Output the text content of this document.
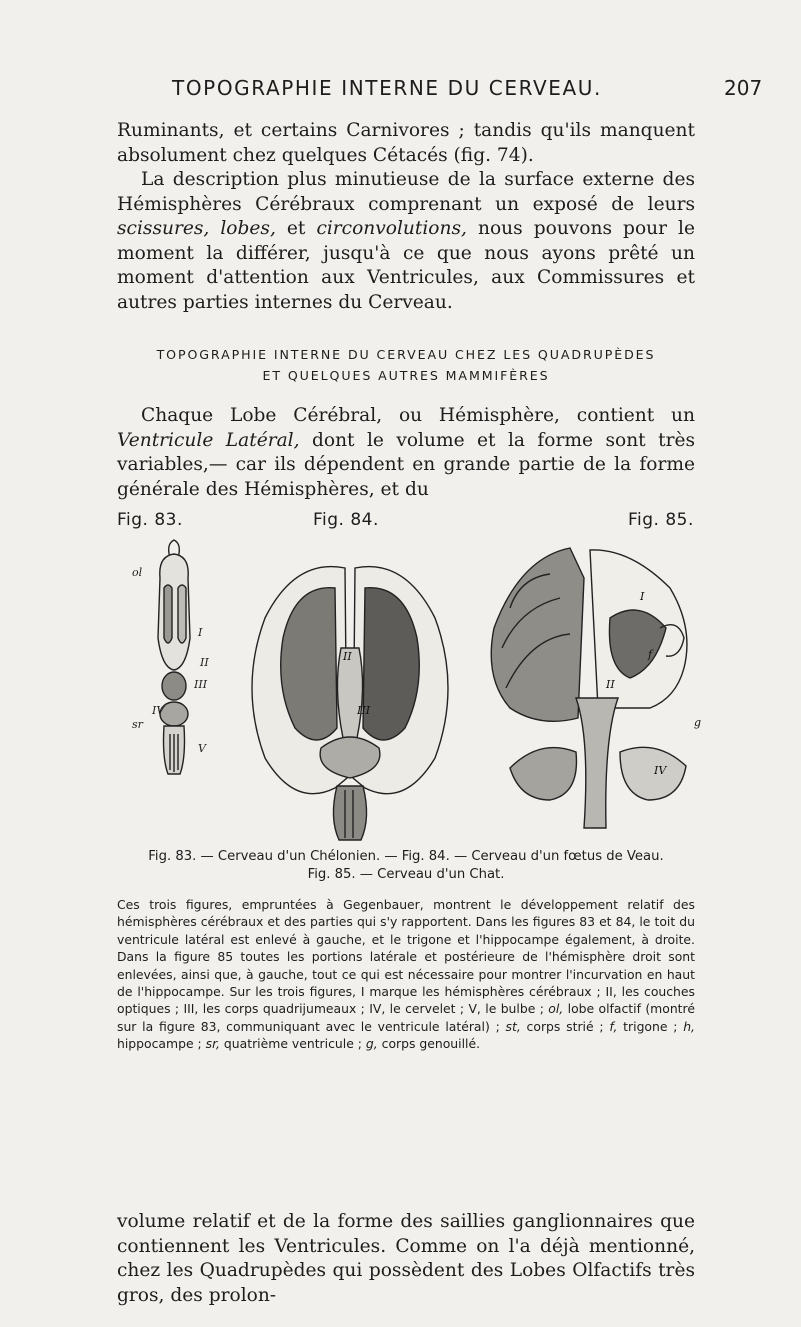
TOPOGRAPHIE INTERNE DU CERVEAU.	207

Ruminants, et certains Carnivores ; tandis qu'ils manquent absolument chez quelques Cétacés (fig. 74).

La description plus minutieuse de la surface externe des Hémisphères Cérébraux comprenant un exposé de leurs scissures, lobes, et circonvolutions, nous pouvons pour le moment la différer, jusqu'à ce que nous ayons prêté un moment d'attention aux Ventricules, aux Commissures et autres parties internes du Cerveau.

TOPOGRAPHIE INTERNE DU CERVEAU CHEZ LES QUADRUPÈDES
ET QUELQUES AUTRES MAMMIFÈRES

Chaque Lobe Cérébral, ou Hémisphère, contient un Ventricule Latéral, dont le volume et la forme sont très variables,— car ils dépendent en grande partie de la forme générale des Hémisphères, et du

Fig. 83.	Fig. 84.	Fig. 85.
ol
I
II
III
IV
V
sr
II
III
I
f
II
g
IV
Fig. 83. — Cerveau d'un Chélonien. — Fig. 84. — Cerveau d'un fœtus de Veau.
Fig. 85. — Cerveau d'un Chat.

Ces trois figures, empruntées à Gegenbauer, montrent le développement relatif des hémisphères cérébraux et des parties qui s'y rapportent. Dans les figures 83 et 84, le toit du ventricule latéral est enlevé à gauche, et le trigone et l'hippocampe également, à droite. Dans la figure 85 toutes les portions latérale et postérieure de l'hémisphère droit sont enlevées, ainsi que, à gauche, tout ce qui est nécessaire pour montrer l'incurvation en haut de l'hippocampe. Sur les trois figures, I marque les hémisphères cérébraux ; II, les couches optiques ; III, les corps quadrijumeaux ; IV, le cervelet ; V, le bulbe ; ol, lobe olfactif (montré sur la figure 83, communiquant avec le ventricule latéral) ; st, corps strié ; f, trigone ; h, hippocampe ; sr, quatrième ventricule ; g, corps genouillé.

volume relatif et de la forme des saillies ganglionnaires que contiennent les Ventricules. Comme on l'a déjà mentionné, chez les Quadrupèdes qui possèdent des Lobes Olfactifs très gros, des prolon-
